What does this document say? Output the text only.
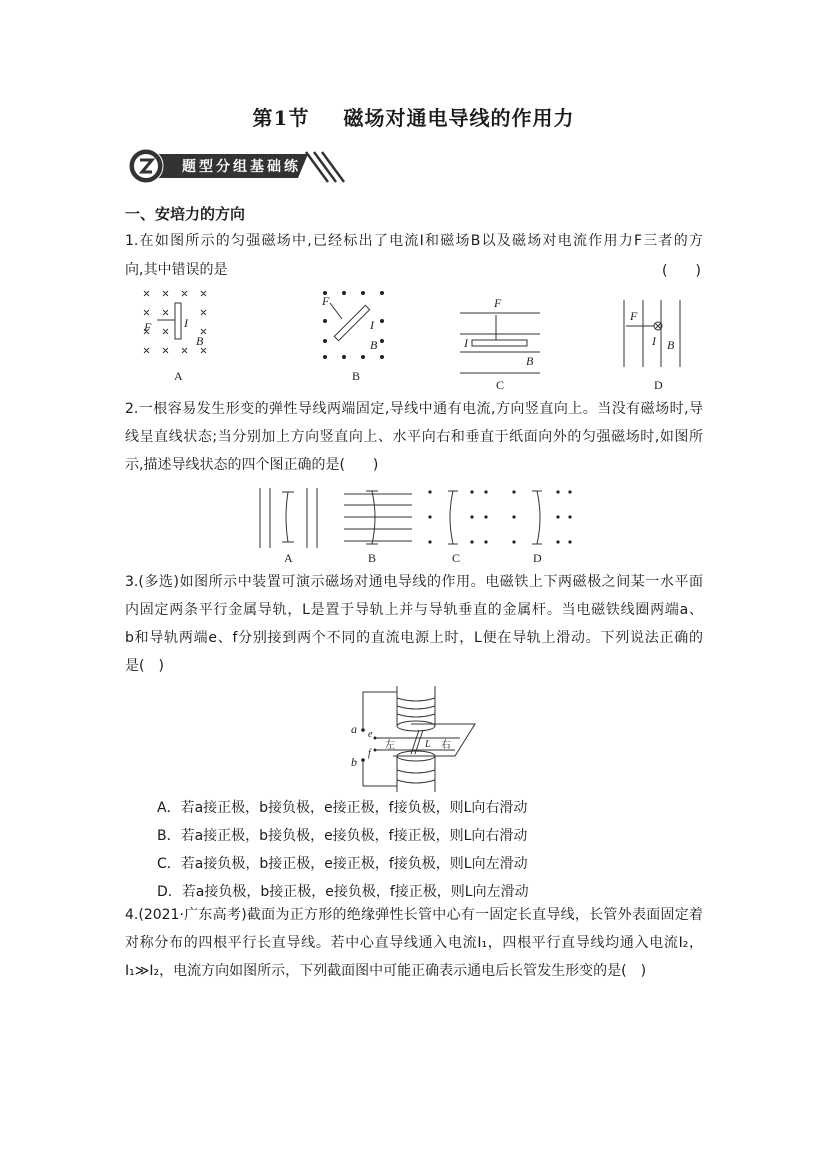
第1节 磁场对通电导线的作用力
题型分组基础练
一、安培力的方向
1.在如图所示的匀强磁场中,已经标出了电流I和磁场B以及磁场对电流作用力F三者的方
向,其中错误的是	(　　)
F	I
B
A
F
I
B
B
F
I
B
C
F
I B
D
2.一根容易发生形变的弹性导线两端固定,导线中通有电流,方向竖直向上。当没有磁场时,导
线呈直线状态;当分别加上方向竖直向上、水平向右和垂直于纸面向外的匀强磁场时,如图所
示,描述导线状态的四个图正确的是(　　)
A	B	C	D
3.(多选)如图所示中装置可演示磁场对通电导线的作用。电磁铁上下两磁极之间某一水平面
内固定两条平行金属导轨，L是置于导轨上并与导轨垂直的金属杆。当电磁铁线圈两端a、
b和导轨两端e、f分别接到两个不同的直流电源上时，L便在导轨上滑动。下列说法正确的
是(　)
a
b
e
f
L
左	右
A．若a接正极，b接负极，e接正极，f接负极，则L向右滑动
B．若a接正极，b接负极，e接负极，f接正极，则L向右滑动
C．若a接负极，b接正极，e接正极，f接负极，则L向左滑动
D．若a接负极，b接正极，e接负极，f接正极，则L向左滑动
4.(2021·广东高考)截面为正方形的绝缘弹性长管中心有一固定长直导线，长管外表面固定着
对称分布的四根平行长直导线。若中心直导线通入电流I₁，四根平行直导线均通入电流I₂，
I₁≫I₂，电流方向如图所示，下列截面图中可能正确表示通电后长管发生形变的是(　)
